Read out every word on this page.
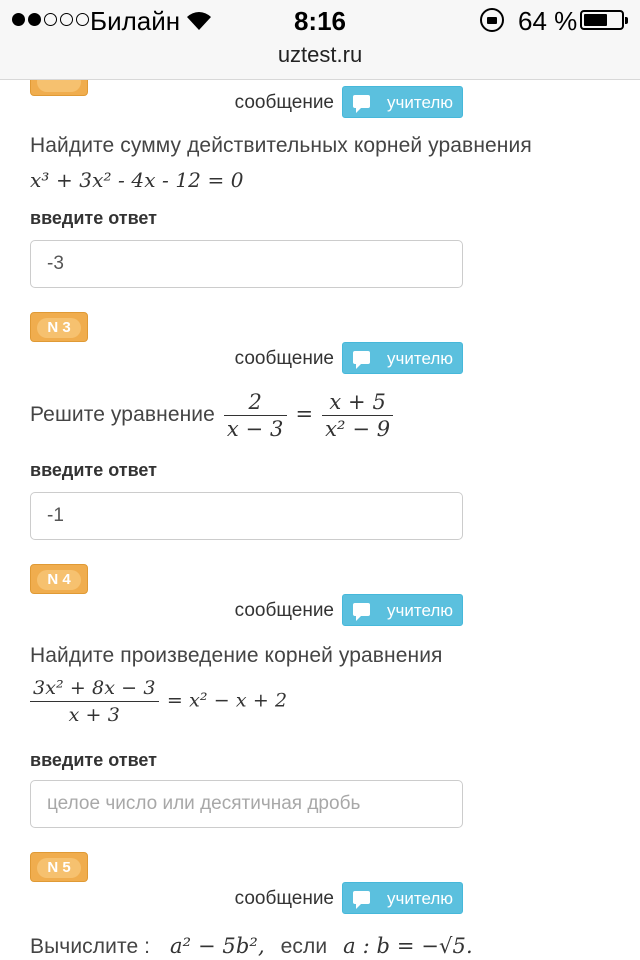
Билайн	8:16	64 %
uztest.ru
сообщение	учителю
Найдите сумму действительных корней уравнения
x³ + 3x² - 4x - 12 = 0
введите ответ
-3
N 3
сообщение	учителю
Решите уравнение $\frac{2}{x - 3} = \frac{x + 5}{\text{x² − 9}}$
введите ответ
-1
N 4
сообщение	учителю
Найдите произведение корней уравнения
$\frac{\text{3x² + 8x − 3}}{x + 3} = x^2 - x + 2$
введите ответ
целое число или десятичная дробь
N 5
сообщение	учителю
Вычислите : a² − 5b², если a : b = −√5.
